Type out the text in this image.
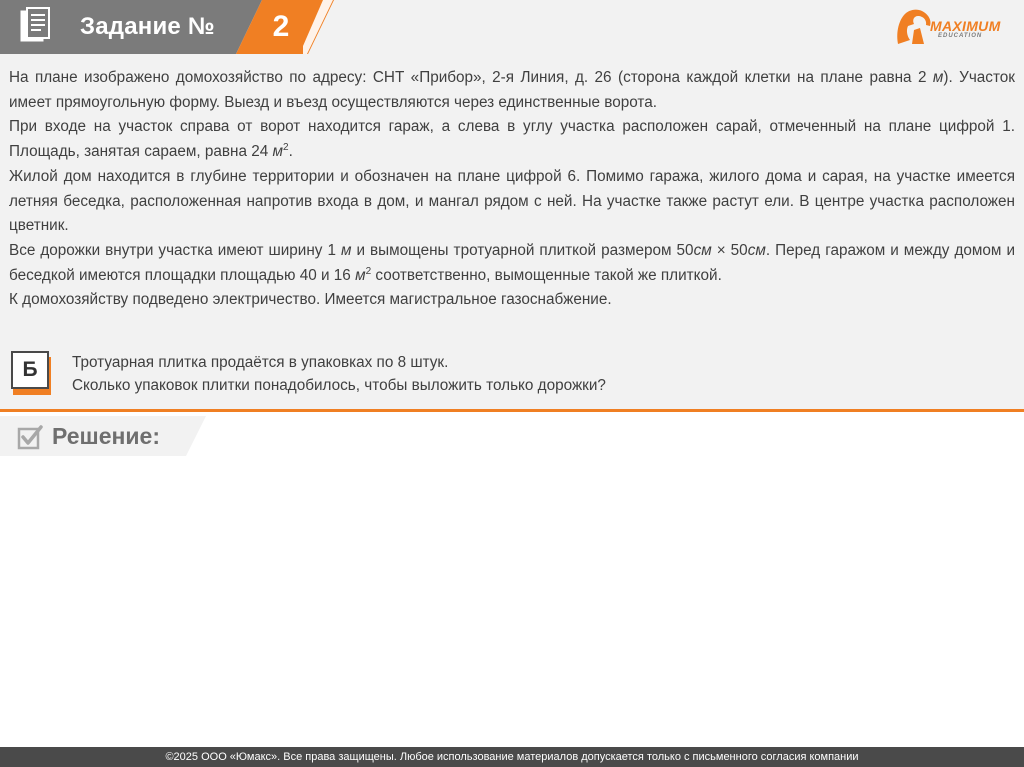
Задание №	2	MAXIMUM
EDUCATION

На плане изображено домохозяйство по адресу: СНТ «Прибор», 2-я Линия, д. 26 (сторона каждой клетки на плане равна 2 м). Участок имеет прямоугольную форму. Выезд и въезд осуществляются через единственные ворота.

При входе на участок справа от ворот находится гараж, а слева в углу участка расположен сарай, отмеченный на плане цифрой 1. Площадь, занятая сараем, равна 24 $м^2$.

Жилой дом находится в глубине территории и обозначен на плане цифрой 6. Помимо гаража, жилого дома и сарая, на участке имеется летняя беседка, расположенная напротив входа в дом, и мангал рядом с ней. На участке также растут ели. В центре участка расположен цветник.

Все дорожки внутри участка имеют ширину 1 м и вымощены тротуарной плиткой размером 50см × 50см. Перед гаражом и между домом и беседкой имеются площадки площадью 40 и 16 $м^2$ соответственно, вымощенные такой же плиткой.

К домохозяйству подведено электричество. Имеется магистральное газоснабжение.

Б	Тротуарная плитка продаётся в упаковках по 8 штук.
Сколько упаковок плитки понадобилось, чтобы выложить только дорожки?
Решение:
©2025 ООО «Юмакс». Все права защищены. Любое использование материалов допускается только с письменного согласия компании
